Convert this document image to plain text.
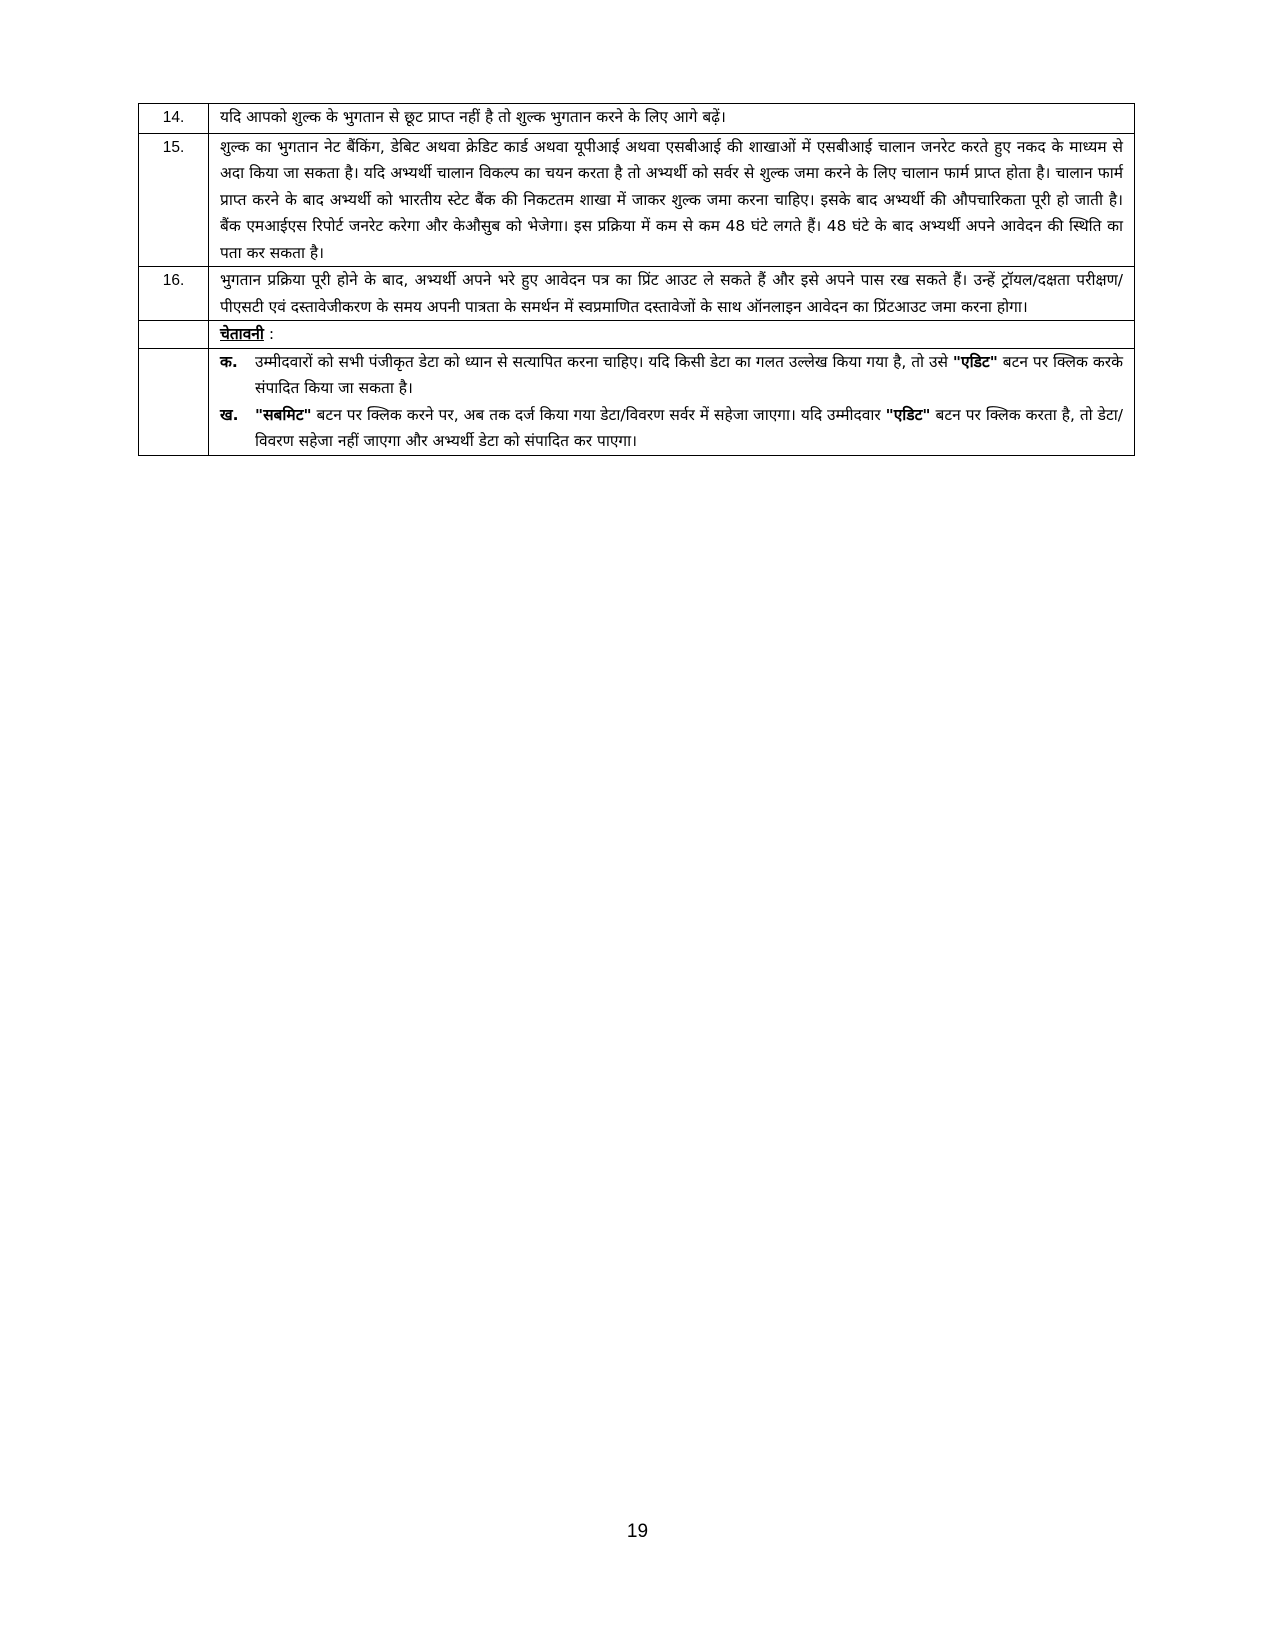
14.	यदि आपको शुल्क के भुगतान से छूट प्राप्त नहीं है तो शुल्क भुगतान करने के लिए आगे बढ़ें।

15.	शुल्क का भुगतान नेट बैंकिंग, डेबिट अथवा क्रेडिट कार्ड अथवा यूपीआई अथवा एसबीआई की शाखाओं में एसबीआई चालान जनरेट करते हुए नकद के माध्यम से अदा किया जा सकता है। यदि अभ्यर्थी चालान विकल्प का चयन करता है तो अभ्यर्थी को सर्वर से शुल्क जमा करने के लिए चालान फार्म प्राप्त होता है। चालान फार्म प्राप्त करने के बाद अभ्यर्थी को भारतीय स्टेट बैंक की निकटतम शाखा में जाकर शुल्क जमा करना चाहिए। इसके बाद अभ्यर्थी की औपचारिकता पूरी हो जाती है। बैंक एमआईएस रिपोर्ट जनरेट करेगा और केऔसुब को भेजेगा। इस प्रक्रिया में कम से कम 48 घंटे लगते हैं। 48 घंटे के बाद अभ्यर्थी अपने आवेदन की स्थिति का पता कर सकता है।

16.	भुगतान प्रक्रिया पूरी होने के बाद, अभ्यर्थी अपने भरे हुए आवेदन पत्र का प्रिंट आउट ले सकते हैं और इसे अपने पास रख सकते हैं। उन्हें ट्रॉयल/दक्षता परीक्षण/पीएसटी एवं दस्तावेजीकरण के समय अपनी पात्रता के समर्थन में स्वप्रमाणित दस्तावेजों के साथ ऑनलाइन आवेदन का प्रिंटआउट जमा करना होगा।

	चेतावनी :

	क. उम्मीदवारों को सभी पंजीकृत डेटा को ध्यान से सत्यापित करना चाहिए। यदि किसी डेटा का गलत उल्लेख किया गया है, तो उसे "एडिट" बटन पर क्लिक करके संपादित किया जा सकता है।

ख. "सबमिट" बटन पर क्लिक करने पर, अब तक दर्ज किया गया डेटा/विवरण सर्वर में सहेजा जाएगा। यदि उम्मीदवार "एडिट" बटन पर क्लिक करता है, तो डेटा/विवरण सहेजा नहीं जाएगा और अभ्यर्थी डेटा को संपादित कर पाएगा।

19
